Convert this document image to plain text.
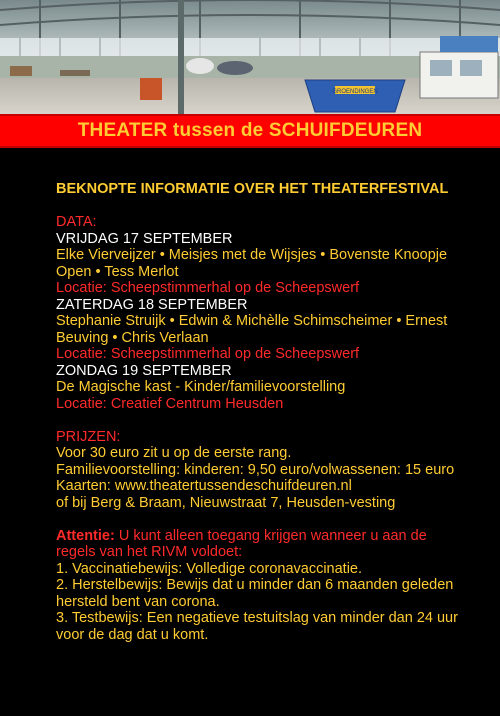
GROENDINGEN
THEATER tussen de SCHUIFDEUREN
BEKNOPTE INFORMATIE OVER HET THEATERFESTIVAL
DATA:
VRIJDAG 17 SEPTEMBER
Elke Vierveijzer • Meisjes met de Wijsjes • Bovenste Knoopje
Open • Tess Merlot
Locatie: Scheepstimmerhal op de Scheepswerf
ZATERDAG 18 SEPTEMBER
Stephanie Struijk • Edwin & Michèlle Schimscheimer • Ernest
Beuving • Chris Verlaan
Locatie: Scheepstimmerhal op de Scheepswerf
ZONDAG 19 SEPTEMBER
De Magische kast - Kinder/familievoorstelling
Locatie: Creatief Centrum Heusden
PRIJZEN:
Voor 30 euro zit u op de eerste rang.
Familievoorstelling: kinderen: 9,50 euro/volwassenen: 15 euro
Kaarten: www.theatertussendeschuifdeuren.nl
of bij Berg & Braam, Nieuwstraat 7, Heusden-vesting
Attentie: U kunt alleen toegang krijgen wanneer u aan de
regels van het RIVM voldoet:
1. Vaccinatiebewijs: Volledige coronavaccinatie.
2. Herstelbewijs: Bewijs dat u minder dan 6 maanden geleden
hersteld bent van corona.
3. Testbewijs: Een negatieve testuitslag van minder dan 24 uur
voor de dag dat u komt.
